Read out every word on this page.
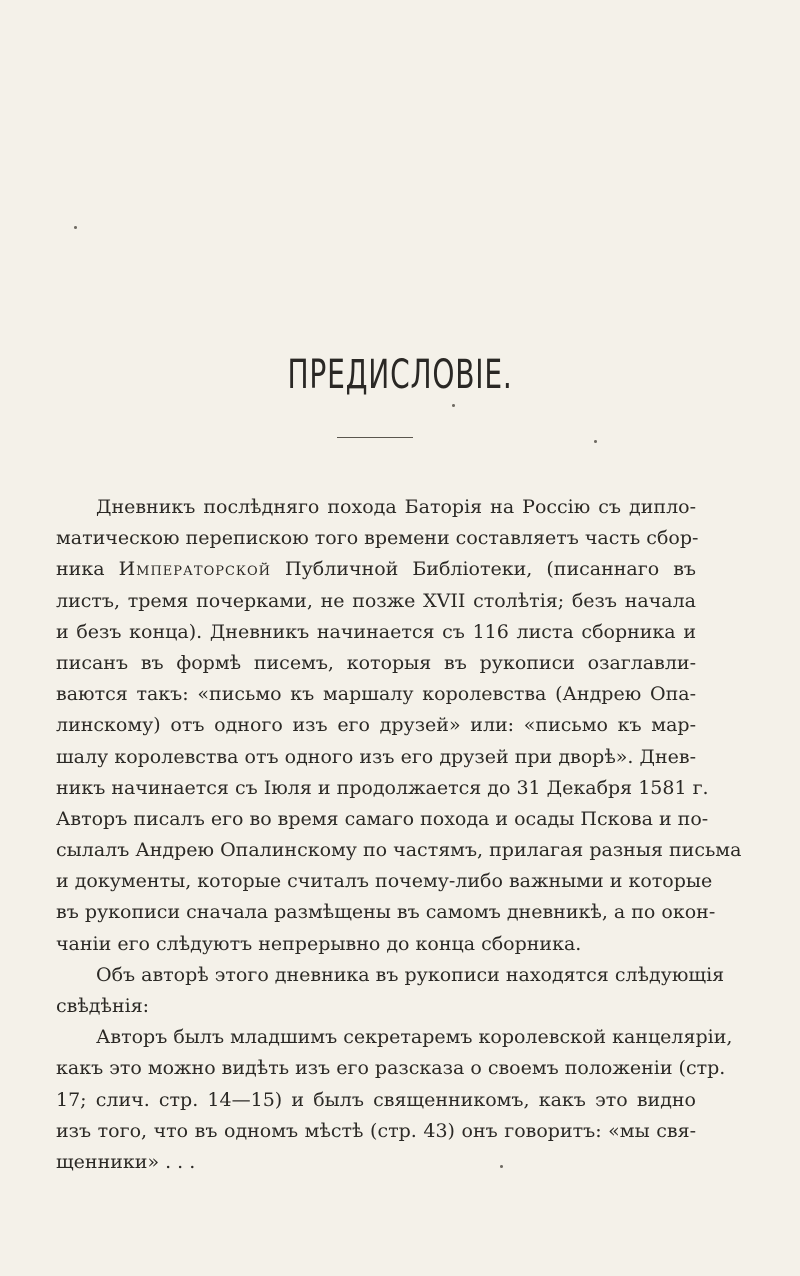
ПРЕДИСЛОВІЕ.
Дневникъ послѣдняго похода Баторія на Россію съ дипло-
матическою перепискою того времени составляетъ часть сбор-
ника Императорской Публичной Библіотеки, (писаннаго въ
листъ, тремя почерками, не позже XVII столѣтія; безъ начала
и безъ конца). Дневникъ начинается съ 116 листа сборника и
писанъ въ формѣ писемъ, которыя въ рукописи озаглавли-
ваются такъ: «письмо къ маршалу королевства (Андрею Опа-
линскому) отъ одного изъ его друзей» или: «письмо къ мар-
шалу королевства отъ одного изъ его друзей при дворѣ». Днев-
никъ начинается съ Іюля и продолжается до 31 Декабря 1581 г.
Авторъ писалъ его во время самаго похода и осады Пскова и по-
сылалъ Андрею Опалинскому по частямъ, прилагая разныя письма
и документы, которые считалъ почему-либо важными и которые
въ рукописи сначала размѣщены въ самомъ дневникѣ, а по окон-
чаніи его слѣдуютъ непрерывно до конца сборника.
Объ авторѣ этого дневника въ рукописи находятся слѣдующія
свѣдѣнія:
Авторъ былъ младшимъ секретаремъ королевской канцеляріи,
какъ это можно видѣть изъ его разсказа о своемъ положеніи (стр.
17; слич. стр. 14—15) и былъ священникомъ, какъ это видно
изъ того, что въ одномъ мѣстѣ (стр. 43) онъ говоритъ: «мы свя-
щенники» . . .
